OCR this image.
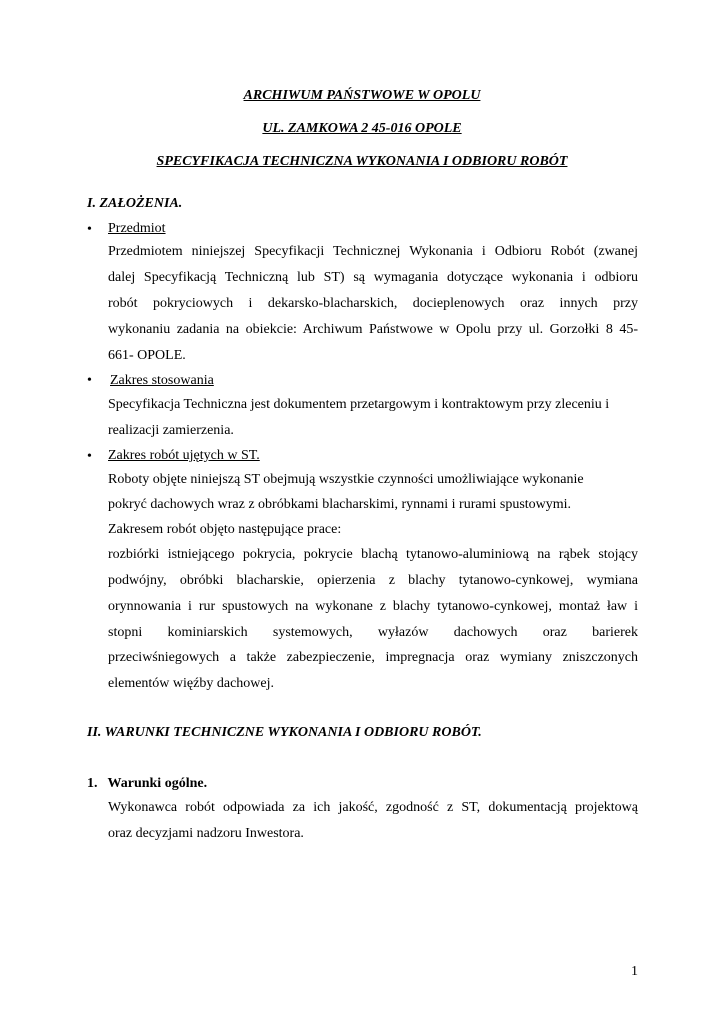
ARCHIWUM PAŃSTWOWE W OPOLU
UL. ZAMKOWA 2 45-016 OPOLE
SPECYFIKACJA TECHNICZNA WYKONANIA I ODBIORU ROBÓT
I. ZAŁOŻENIA.
• Przedmiot
Przedmiotem niniejszej Specyfikacji Technicznej Wykonania i Odbioru Robót (zwanej
dalej Specyfikacją Techniczną lub ST) są wymagania dotyczące wykonania i odbioru
robót pokryciowych i dekarsko-blacharskich, docieplenowych oraz innych przy
wykonaniu zadania na obiekcie: Archiwum Państwowe w Opolu przy ul. Gorzołki 8 45-
661- OPOLE.
• Zakres stosowania
Specyfikacja Techniczna jest dokumentem przetargowym i kontraktowym przy zleceniu i
realizacji zamierzenia.
• Zakres robót ujętych w ST.
Roboty objęte niniejszą ST obejmują wszystkie czynności umożliwiające wykonanie
pokryć dachowych wraz z obróbkami blacharskimi, rynnami i rurami spustowymi.
Zakresem robót objęto następujące prace:
rozbiórki istniejącego pokrycia, pokrycie blachą tytanowo-aluminiową na rąbek stojący
podwójny, obróbki blacharskie, opierzenia z blachy tytanowo-cynkowej, wymiana
orynnowania i rur spustowych na wykonane z blachy tytanowo-cynkowej, montaż ław i
stopni kominiarskich systemowych, wyłazów dachowych oraz barierek
przeciwśniegowych a także zabezpieczenie, impregnacja oraz wymiany zniszczonych
elementów więźby dachowej.
II. WARUNKI TECHNICZNE WYKONANIA I ODBIORU ROBÓT.
1. Warunki ogólne.
Wykonawca robót odpowiada za ich jakość, zgodność z ST, dokumentacją projektową
oraz decyzjami nadzoru Inwestora.
1
